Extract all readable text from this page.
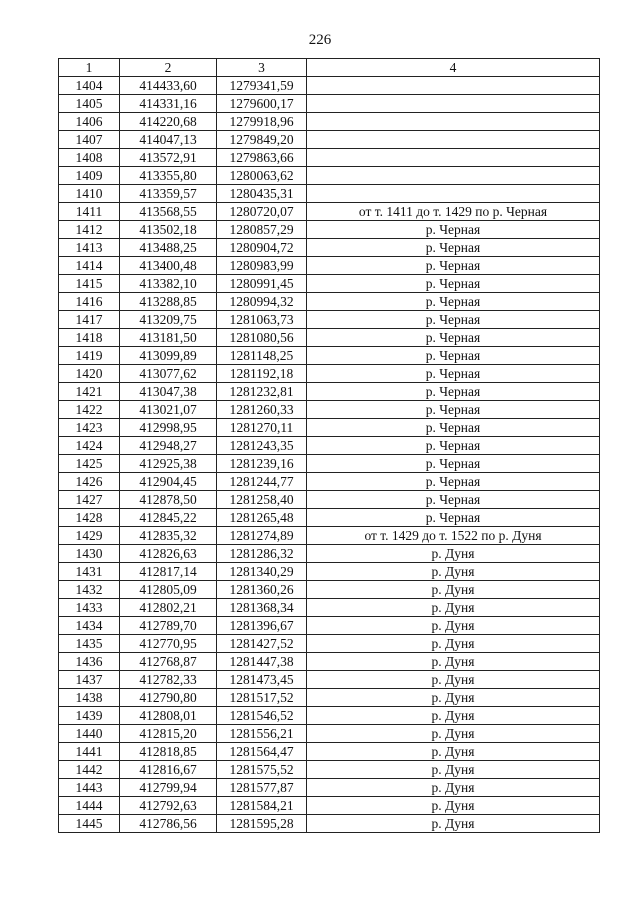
226
1	2	3	4
1404	414433,60	1279341,59	
1405	414331,16	1279600,17	
1406	414220,68	1279918,96	
1407	414047,13	1279849,20	
1408	413572,91	1279863,66	
1409	413355,80	1280063,62	
1410	413359,57	1280435,31	
1411	413568,55	1280720,07	от т. 1411 до т. 1429 по р. Черная
1412	413502,18	1280857,29	р. Черная
1413	413488,25	1280904,72	р. Черная
1414	413400,48	1280983,99	р. Черная
1415	413382,10	1280991,45	р. Черная
1416	413288,85	1280994,32	р. Черная
1417	413209,75	1281063,73	р. Черная
1418	413181,50	1281080,56	р. Черная
1419	413099,89	1281148,25	р. Черная
1420	413077,62	1281192,18	р. Черная
1421	413047,38	1281232,81	р. Черная
1422	413021,07	1281260,33	р. Черная
1423	412998,95	1281270,11	р. Черная
1424	412948,27	1281243,35	р. Черная
1425	412925,38	1281239,16	р. Черная
1426	412904,45	1281244,77	р. Черная
1427	412878,50	1281258,40	р. Черная
1428	412845,22	1281265,48	р. Черная
1429	412835,32	1281274,89	от т. 1429 до т. 1522 по р. Дуня
1430	412826,63	1281286,32	р. Дуня
1431	412817,14	1281340,29	р. Дуня
1432	412805,09	1281360,26	р. Дуня
1433	412802,21	1281368,34	р. Дуня
1434	412789,70	1281396,67	р. Дуня
1435	412770,95	1281427,52	р. Дуня
1436	412768,87	1281447,38	р. Дуня
1437	412782,33	1281473,45	р. Дуня
1438	412790,80	1281517,52	р. Дуня
1439	412808,01	1281546,52	р. Дуня
1440	412815,20	1281556,21	р. Дуня
1441	412818,85	1281564,47	р. Дуня
1442	412816,67	1281575,52	р. Дуня
1443	412799,94	1281577,87	р. Дуня
1444	412792,63	1281584,21	р. Дуня
1445	412786,56	1281595,28	р. Дуня
